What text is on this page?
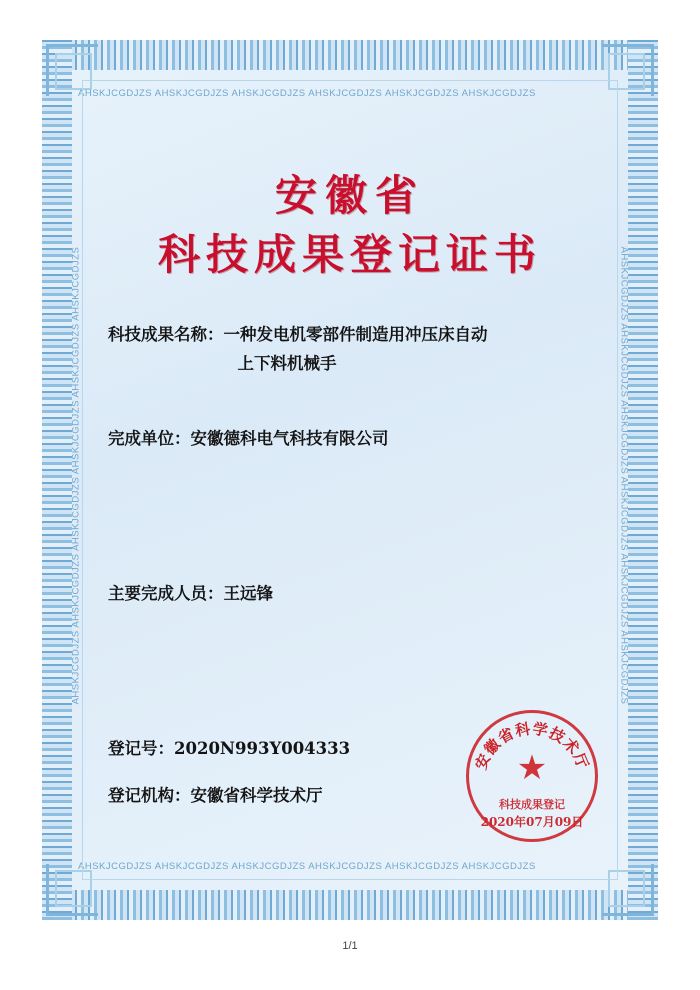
AHSKJCGDJZS AHSKJCGDJZS AHSKJCGDJZS AHSKJCGDJZS AHSKJCGDJZS AHSKJCGDJZS
AHSKJCGDJZS AHSKJCGDJZS AHSKJCGDJZS AHSKJCGDJZS AHSKJCGDJZS AHSKJCGDJZS
AHSKJCGDJZS AHSKJCGDJZS AHSKJCGDJZS AHSKJCGDJZS AHSKJCGDJZS AHSKJCGDJZS	AHSKJCGDJZS AHSKJCGDJZS AHSKJCGDJZS AHSKJCGDJZS AHSKJCGDJZS AHSKJCGDJZS
安徽省
科技成果登记证书
科技成果名称： 一种发电机零部件制造用冲压床自动
上下料机械手
完成单位： 安徽德科电气科技有限公司
主要完成人员： 王远锋
登记号： 2020N993Y004333
登记机构： 安徽省科学技术厅
安徽省科学技术厅
★
科技成果登记
2020年07月09日
1/1
